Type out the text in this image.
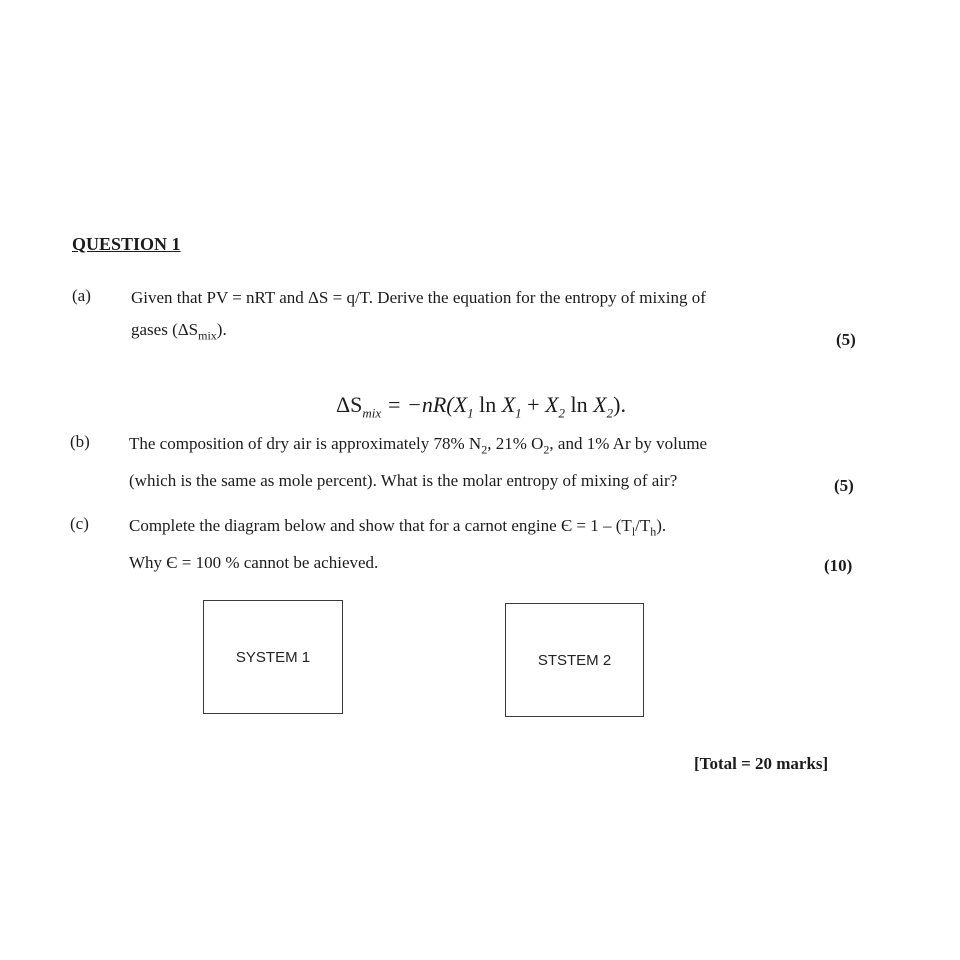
QUESTION 1
(a) Given that PV = nRT and ΔS = q/T. Derive the equation for the entropy of mixing of
gases $(\Delta S_{mix})$.
(5)
$\Delta S_{mix} = -nR(X_1$ $\ln X_1 + X_2$ $\ln X_2$).
(b) The composition of dry air is approximately 78% $N_2$, 21% $O_2$, and 1% Ar by volume
(which is the same as mole percent). What is the molar entropy of mixing of air?	(5)
(c) Complete the diagram below and show that for a carnot engine $Є = 1 - (T_l/T_h)$.
Why Є = 100 % cannot be achieved.	(10)
SYSTEM 1	STSTEM 2
[Total = 20 marks]
